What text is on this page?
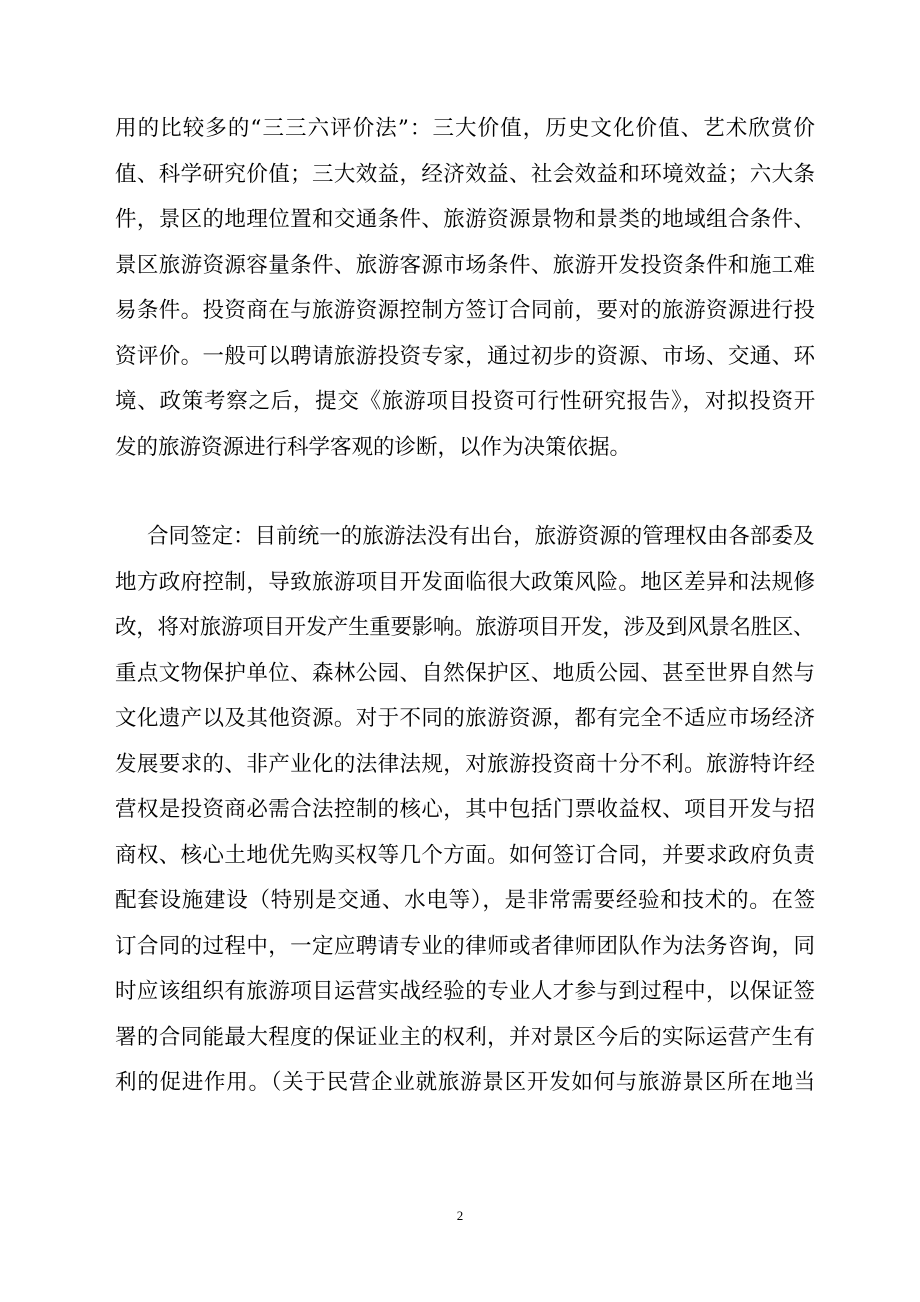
用的比较多的“三三六评价法”：三大价值，历史文化价值、艺术欣赏价
值、科学研究价值；三大效益，经济效益、社会效益和环境效益；六大条
件，景区的地理位置和交通条件、旅游资源景物和景类的地域组合条件、
景区旅游资源容量条件、旅游客源市场条件、旅游开发投资条件和施工难
易条件。投资商在与旅游资源控制方签订合同前，要对的旅游资源进行投
资评价。一般可以聘请旅游投资专家，通过初步的资源、市场、交通、环
境、政策考察之后，提交《旅游项目投资可行性研究报告》，对拟投资开
发的旅游资源进行科学客观的诊断，以作为决策依据。
合同签定：目前统一的旅游法没有出台，旅游资源的管理权由各部委及
地方政府控制，导致旅游项目开发面临很大政策风险。地区差异和法规修
改，将对旅游项目开发产生重要影响。旅游项目开发，涉及到风景名胜区、
重点文物保护单位、森林公园、自然保护区、地质公园、甚至世界自然与
文化遗产以及其他资源。对于不同的旅游资源，都有完全不适应市场经济
发展要求的、非产业化的法律法规，对旅游投资商十分不利。旅游特许经
营权是投资商必需合法控制的核心，其中包括门票收益权、项目开发与招
商权、核心土地优先购买权等几个方面。如何签订合同，并要求政府负责
配套设施建设（特别是交通、水电等），是非常需要经验和技术的。在签
订合同的过程中，一定应聘请专业的律师或者律师团队作为法务咨询，同
时应该组织有旅游项目运营实战经验的专业人才参与到过程中，以保证签
署的合同能最大程度的保证业主的权利，并对景区今后的实际运营产生有
利的促进作用。（关于民营企业就旅游景区开发如何与旅游景区所在地当
2
